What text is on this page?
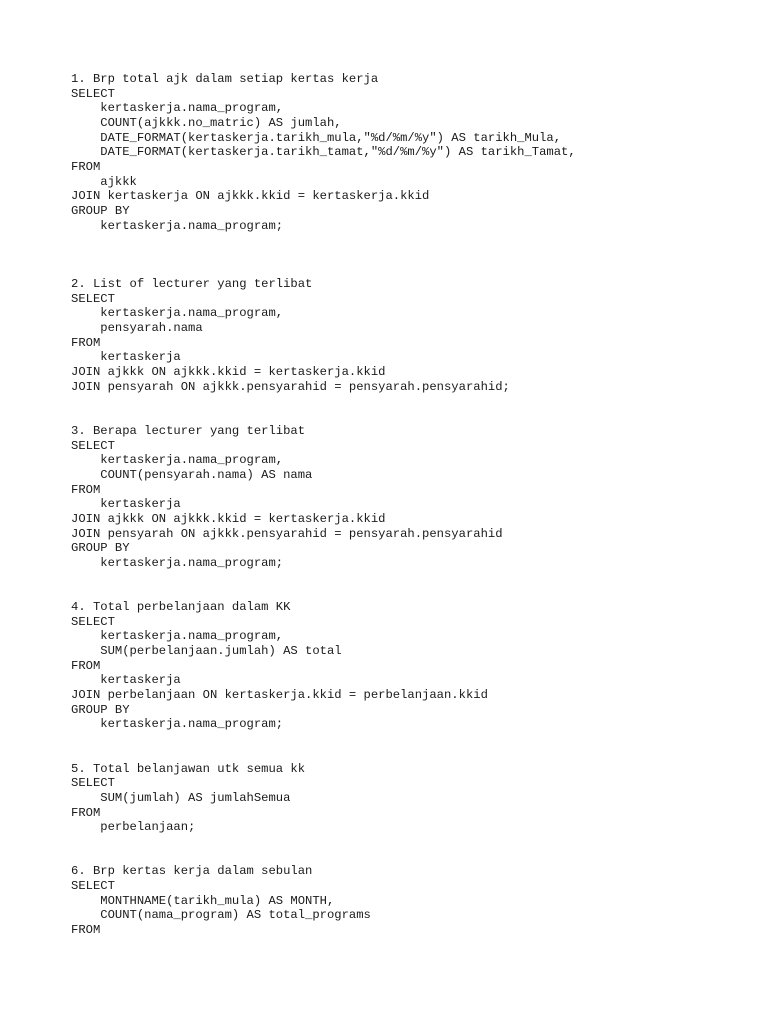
1. Brp total ajk dalam setiap kertas kerja
SELECT
kertaskerja.nama_program,
COUNT(ajkkk.no_matric) AS jumlah,
DATE_FORMAT(kertaskerja.tarikh_mula,"%d/%m/%y") AS tarikh_Mula,
DATE_FORMAT(kertaskerja.tarikh_tamat,"%d/%m/%y") AS tarikh_Tamat,
FROM
ajkkk
JOIN kertaskerja ON ajkkk.kkid = kertaskerja.kkid
GROUP BY
kertaskerja.nama_program;
2. List of lecturer yang terlibat
SELECT
kertaskerja.nama_program,
pensyarah.nama
FROM
kertaskerja
JOIN ajkkk ON ajkkk.kkid = kertaskerja.kkid
JOIN pensyarah ON ajkkk.pensyarahid = pensyarah.pensyarahid;
3. Berapa lecturer yang terlibat
SELECT
kertaskerja.nama_program,
COUNT(pensyarah.nama) AS nama
FROM
kertaskerja
JOIN ajkkk ON ajkkk.kkid = kertaskerja.kkid
JOIN pensyarah ON ajkkk.pensyarahid = pensyarah.pensyarahid
GROUP BY
kertaskerja.nama_program;
4. Total perbelanjaan dalam KK
SELECT
kertaskerja.nama_program,
SUM(perbelanjaan.jumlah) AS total
FROM
kertaskerja
JOIN perbelanjaan ON kertaskerja.kkid = perbelanjaan.kkid
GROUP BY
kertaskerja.nama_program;
5. Total belanjawan utk semua kk
SELECT
SUM(jumlah) AS jumlahSemua
FROM
perbelanjaan;
6. Brp kertas kerja dalam sebulan
SELECT
MONTHNAME(tarikh_mula) AS MONTH,
COUNT(nama_program) AS total_programs
FROM
